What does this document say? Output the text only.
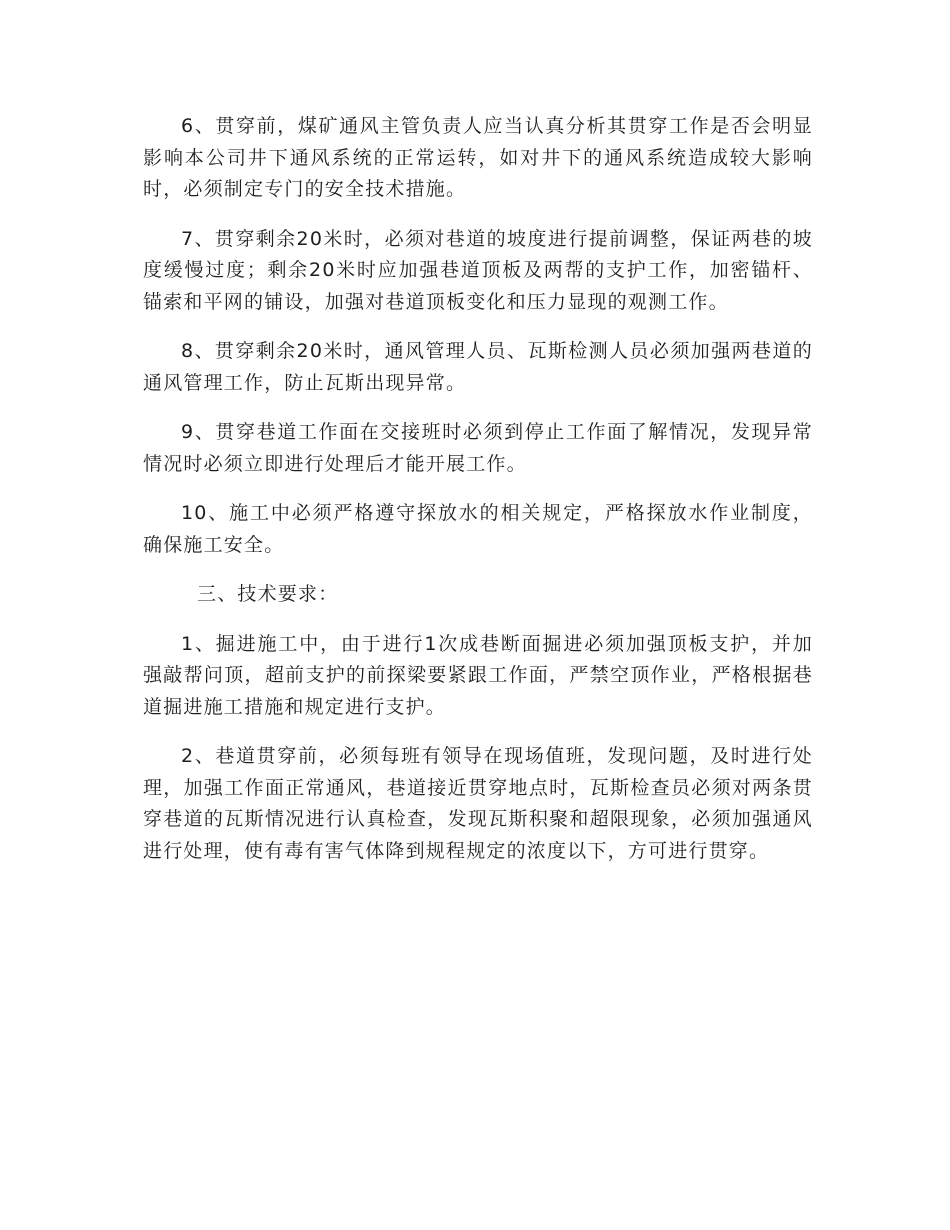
6、贯穿前，煤矿通风主管负责人应当认真分析其贯穿工作是否会明显影响本公司井下通风系统的正常运转，如对井下的通风系统造成较大影响时，必须制定专门的安全技术措施。

7、贯穿剩余20米时，必须对巷道的坡度进行提前调整，保证两巷的坡度缓慢过度；剩余20米时应加强巷道顶板及两帮的支护工作，加密锚杆、锚索和平网的铺设，加强对巷道顶板变化和压力显现的观测工作。

8、贯穿剩余20米时，通风管理人员、瓦斯检测人员必须加强两巷道的通风管理工作，防止瓦斯出现异常。

9、贯穿巷道工作面在交接班时必须到停止工作面了解情况，发现异常情况时必须立即进行处理后才能开展工作。

10、施工中必须严格遵守探放水的相关规定，严格探放水作业制度，确保施工安全。

三、技术要求：

1、掘进施工中，由于进行1次成巷断面掘进必须加强顶板支护，并加强敲帮问顶，超前支护的前探梁要紧跟工作面，严禁空顶作业，严格根据巷道掘进施工措施和规定进行支护。

2、巷道贯穿前，必须每班有领导在现场值班，发现问题，及时进行处理，加强工作面正常通风，巷道接近贯穿地点时，瓦斯检查员必须对两条贯穿巷道的瓦斯情况进行认真检查，发现瓦斯积聚和超限现象，必须加强通风进行处理，使有毒有害气体降到规程规定的浓度以下，方可进行贯穿。
